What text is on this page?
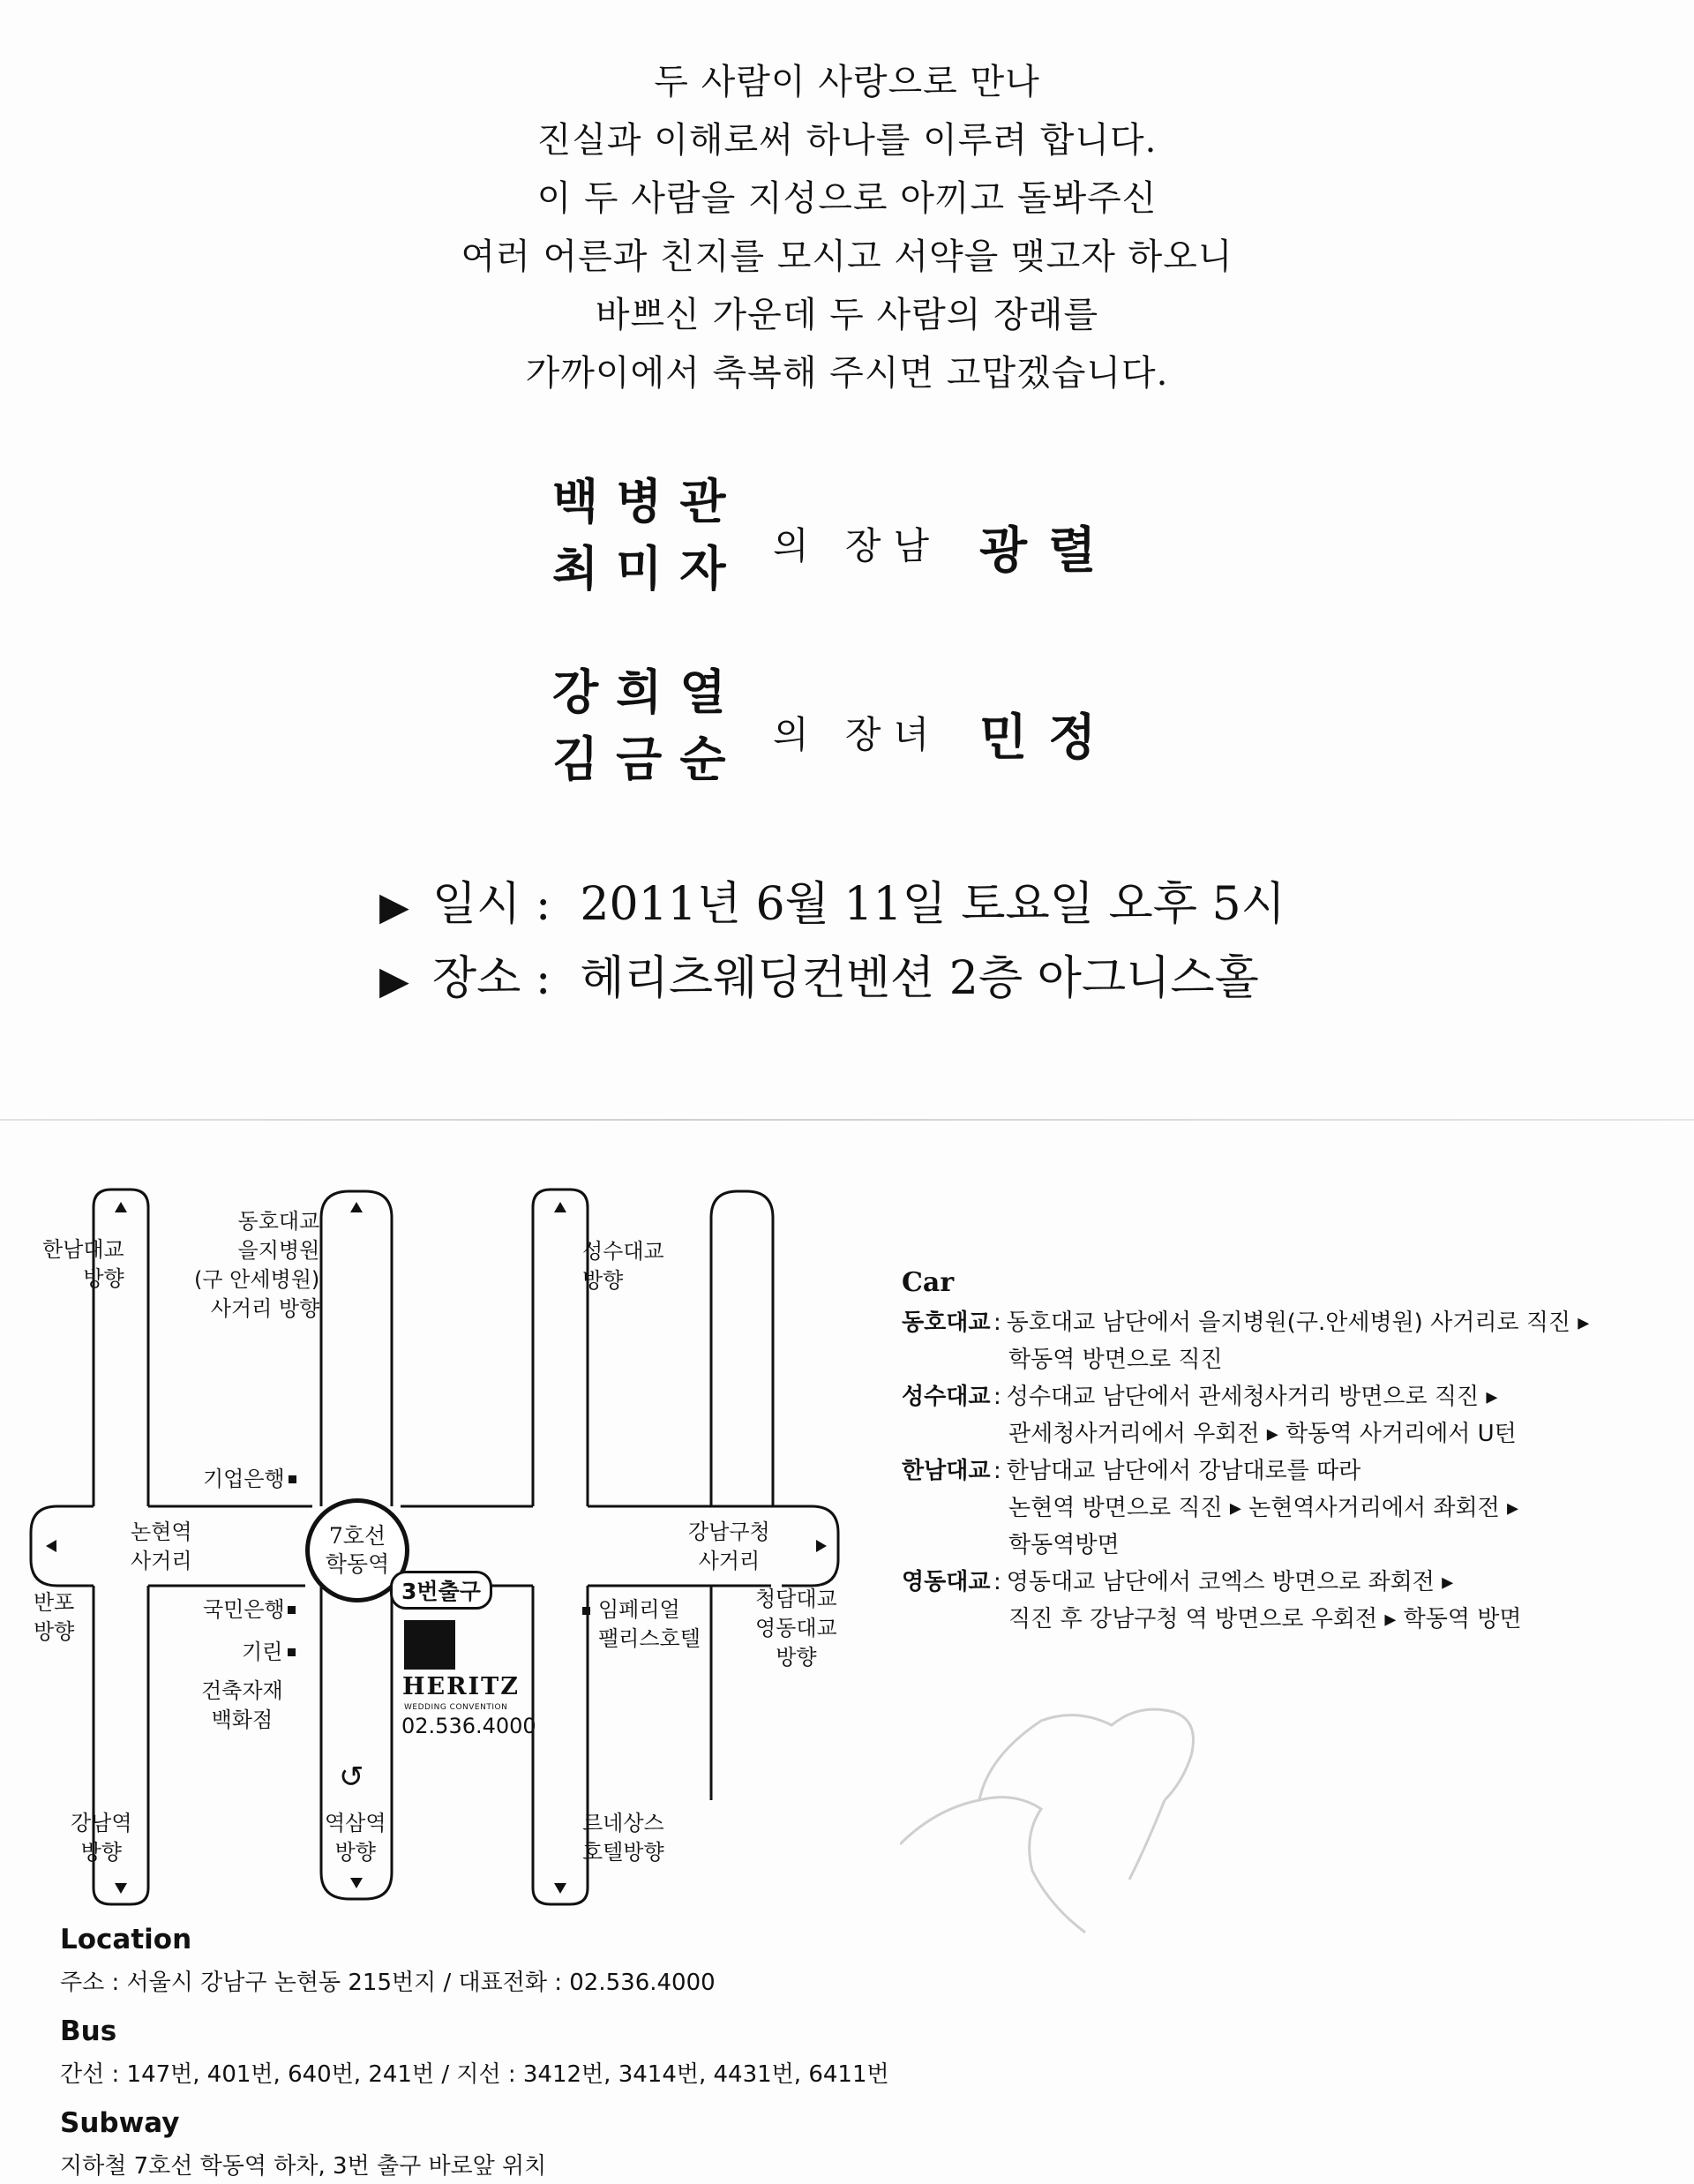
두 사람이 사랑으로 만나
진실과 이해로써 하나를 이루려 합니다.
이 두 사람을 지성으로 아끼고 돌봐주신
여러 어른과 친지를 모시고 서약을 맺고자 하오니
바쁘신 가운데 두 사람의 장래를
가까이에서 축복해 주시면 고맙겠습니다.
백병관
최미자 의 장남 광렬
강희열
김금순 의 장녀 민정
▶ 일시 : 2011년 6월 11일 토요일 오후 5시
▶ 장소 : 헤리츠웨딩컨벤션 2층 아그니스홀
한남대교
방향
동호대교
을지병원
(구 안세병원)
사거리 방향
성수대교
방향
기업은행
논현역
사거리
7호선
학동역
강남구청
사거리
반포
방향
국민은행
기린
건축자재
백화점
3번출구
HERITZ
WEDDING CONVENTION
02.536.4000
임페리얼
팰리스호텔
청담대교
영동대교
방향
↺
강남역
방향
역삼역
방향
르네상스
호텔방향
Car
동호대교 : 동호대교 남단에서 을지병원(구.안세병원) 사거리로 직진 ▸
학동역 방면으로 직진
성수대교 : 성수대교 남단에서 관세청사거리 방면으로 직진 ▸
관세청사거리에서 우회전 ▸ 학동역 사거리에서 U턴
한남대교 : 한남대교 남단에서 강남대로를 따라
논현역 방면으로 직진 ▸ 논현역사거리에서 좌회전 ▸
학동역방면
영동대교 : 영동대교 남단에서 코엑스 방면으로 좌회전 ▸
직진 후 강남구청 역 방면으로 우회전 ▸ 학동역 방면
Location
주소 : 서울시 강남구 논현동 215번지 / 대표전화 : 02.536.4000
Bus
간선 : 147번, 401번, 640번, 241번 / 지선 : 3412번, 3414번, 4431번, 6411번
Subway
지하철 7호선 학동역 하차, 3번 출구 바로앞 위치
